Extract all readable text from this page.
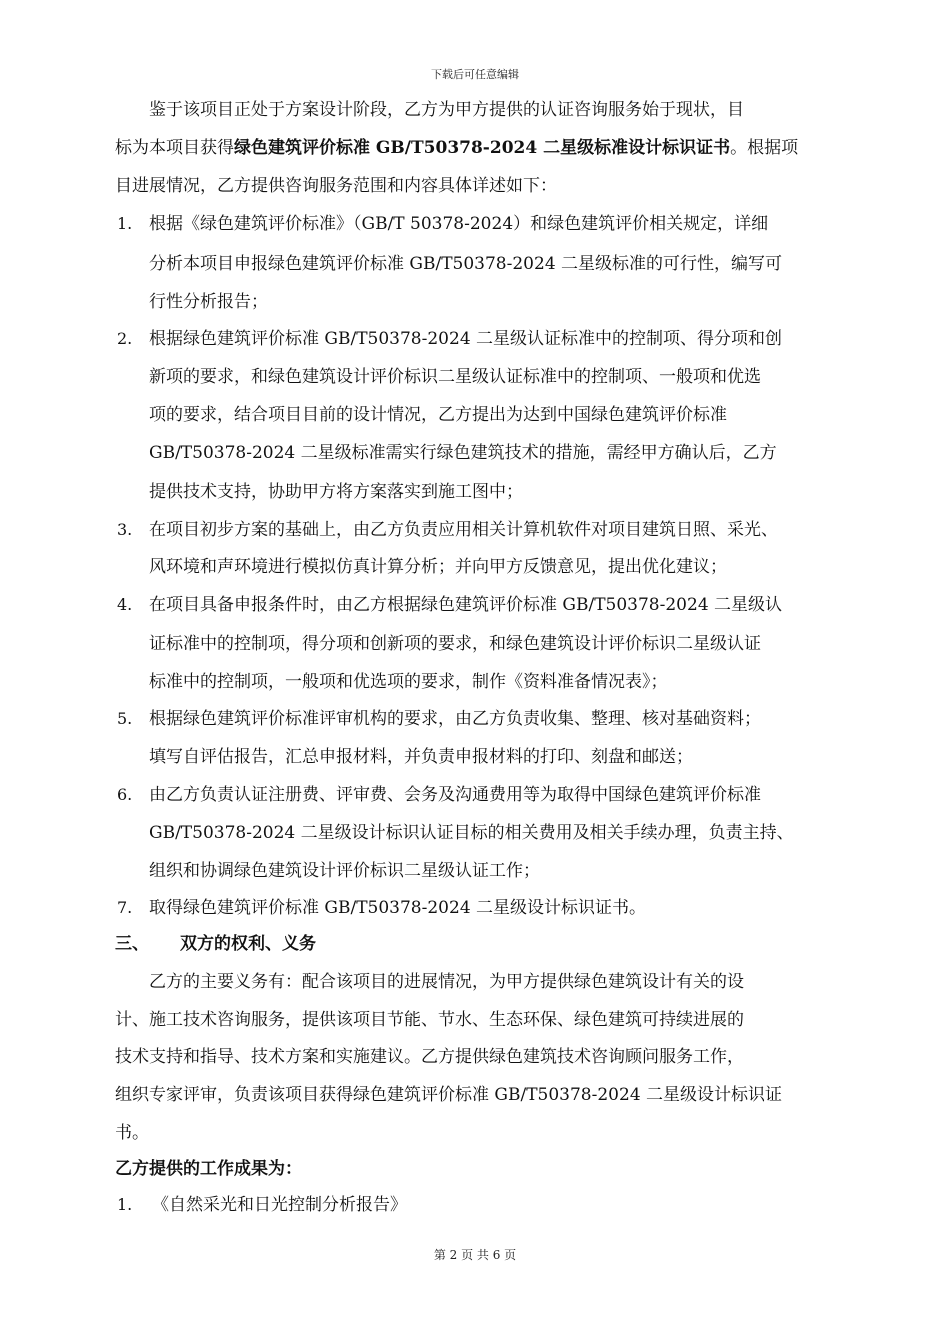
下载后可任意编辑
鉴于该项目正处于方案设计阶段，乙方为甲方提供的认证咨询服务始于现状，目
标为本项目获得绿色建筑评价标准 GB/T50378-2024 二星级标准设计标识证书。根据项
目进展情况，乙方提供咨询服务范围和内容具体详述如下：
1. 根据《绿色建筑评价标准》（GB/T 50378-2024）和绿色建筑评价相关规定，详细
分析本项目申报绿色建筑评价标准 GB/T50378-2024 二星级标准的可行性，编写可
行性分析报告；
2. 根据绿色建筑评价标准 GB/T50378-2024 二星级认证标准中的控制项、得分项和创
新项的要求，和绿色建筑设计评价标识二星级认证标准中的控制项、一般项和优选
项的要求，结合项目目前的设计情况，乙方提出为达到中国绿色建筑评价标准
GB/T50378-2024 二星级标准需实行绿色建筑技术的措施，需经甲方确认后，乙方
提供技术支持，协助甲方将方案落实到施工图中；
3. 在项目初步方案的基础上，由乙方负责应用相关计算机软件对项目建筑日照、采光、
风环境和声环境进行模拟仿真计算分析；并向甲方反馈意见，提出优化建议；
4. 在项目具备申报条件时，由乙方根据绿色建筑评价标准 GB/T50378-2024 二星级认
证标准中的控制项，得分项和创新项的要求，和绿色建筑设计评价标识二星级认证
标准中的控制项，一般项和优选项的要求，制作《资料准备情况表》；
5. 根据绿色建筑评价标准评审机构的要求，由乙方负责收集、整理、核对基础资料；
填写自评估报告，汇总申报材料，并负责申报材料的打印、刻盘和邮送；
6. 由乙方负责认证注册费、评审费、会务及沟通费用等为取得中国绿色建筑评价标准
GB/T50378-2024 二星级设计标识认证目标的相关费用及相关手续办理，负责主持、
组织和协调绿色建筑设计评价标识二星级认证工作；
7. 取得绿色建筑评价标准 GB/T50378-2024 二星级设计标识证书。
三、 双方的权利、义务
乙方的主要义务有：配合该项目的进展情况，为甲方提供绿色建筑设计有关的设
计、施工技术咨询服务，提供该项目节能、节水、生态环保、绿色建筑可持续进展的
技术支持和指导、技术方案和实施建议。乙方提供绿色建筑技术咨询顾问服务工作，
组织专家评审，负责该项目获得绿色建筑评价标准 GB/T50378-2024 二星级设计标识证
书。
乙方提供的工作成果为：
1. 《自然采光和日光控制分析报告》
第 2 页 共 6 页
